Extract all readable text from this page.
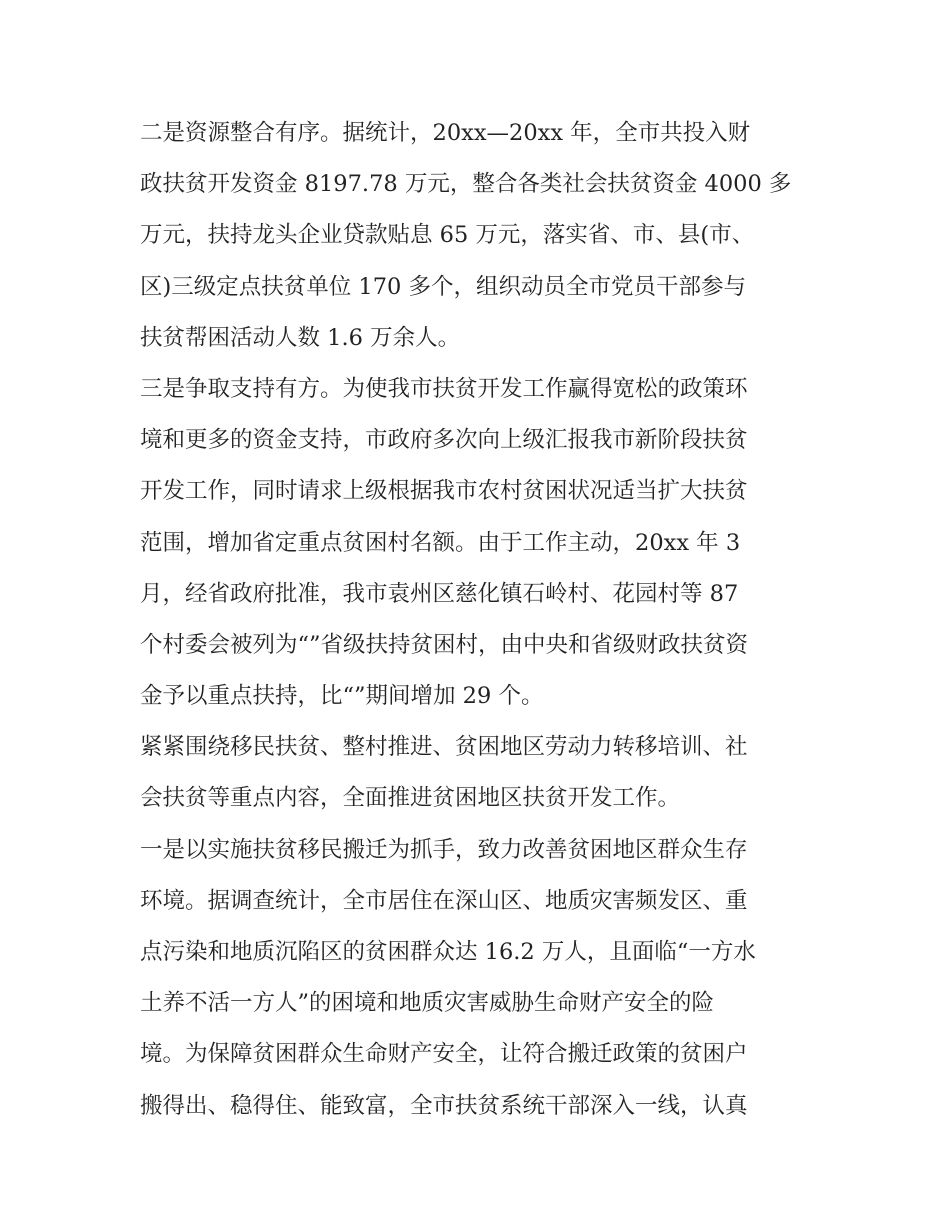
二是资源整合有序。据统计，20xx—20xx 年，全市共投入财
政扶贫开发资金 8197.78 万元，整合各类社会扶贫资金 4000 多
万元，扶持龙头企业贷款贴息 65 万元，落实省、市、县(市、
区)三级定点扶贫单位 170 多个，组织动员全市党员干部参与
扶贫帮困活动人数 1.6 万余人。
三是争取支持有方。为使我市扶贫开发工作赢得宽松的政策环
境和更多的资金支持，市政府多次向上级汇报我市新阶段扶贫
开发工作，同时请求上级根据我市农村贫困状况适当扩大扶贫
范围，增加省定重点贫困村名额。由于工作主动，20xx 年 3
月，经省政府批准，我市袁州区慈化镇石岭村、花园村等 87
个村委会被列为“”省级扶持贫困村，由中央和省级财政扶贫资
金予以重点扶持，比“”期间增加 29 个。
紧紧围绕移民扶贫、整村推进、贫困地区劳动力转移培训、社
会扶贫等重点内容，全面推进贫困地区扶贫开发工作。
一是以实施扶贫移民搬迁为抓手，致力改善贫困地区群众生存
环境。据调查统计，全市居住在深山区、地质灾害频发区、重
点污染和地质沉陷区的贫困群众达 16.2 万人，且面临“一方水
土养不活一方人”的困境和地质灾害威胁生命财产安全的险
境。为保障贫困群众生命财产安全，让符合搬迁政策的贫困户
搬得出、稳得住、能致富，全市扶贫系统干部深入一线，认真
